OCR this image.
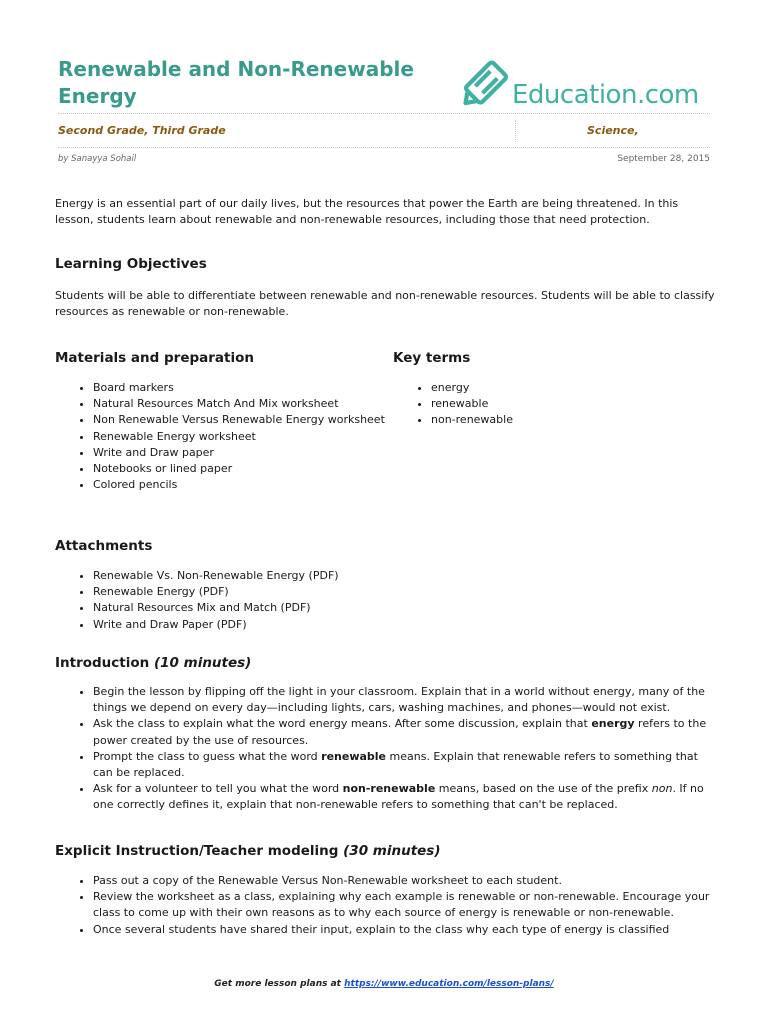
Renewable and Non-Renewable Energy	Education.com
Second Grade, Third Grade	Science,
by Sanayya Sohail	September 28, 2015

Energy is an essential part of our daily lives, but the resources that power the Earth are being threatened. In this lesson, students learn about renewable and non-renewable resources, including those that need protection.

Learning Objectives

Students will be able to differentiate between renewable and non-renewable resources. Students will be able to classify resources as renewable or non-renewable.

Materials and preparation
• Board markers
• Natural Resources Match And Mix worksheet
• Non Renewable Versus Renewable Energy worksheet
• Renewable Energy worksheet
• Write and Draw paper
• Notebooks or lined paper
• Colored pencils
Key terms
• energy
• renewable
• non-renewable
Attachments
• Renewable Vs. Non-Renewable Energy (PDF)
• Renewable Energy (PDF)
• Natural Resources Mix and Match (PDF)
• Write and Draw Paper (PDF)
Introduction (10 minutes)
• Begin the lesson by flipping off the light in your classroom. Explain that in a world without energy, many of the things we depend on every day—including lights, cars, washing machines, and phones—would not exist.
• Ask the class to explain what the word energy means. After some discussion, explain that energy refers to the power created by the use of resources.
• Prompt the class to guess what the word renewable means. Explain that renewable refers to something that can be replaced.
• Ask for a volunteer to tell you what the word non-renewable means, based on the use of the prefix non. If no one correctly defines it, explain that non-renewable refers to something that can't be replaced.
Explicit Instruction/Teacher modeling (30 minutes)
• Pass out a copy of the Renewable Versus Non-Renewable worksheet to each student.
• Review the worksheet as a class, explaining why each example is renewable or non-renewable. Encourage your class to come up with their own reasons as to why each source of energy is renewable or non-renewable.
• Once several students have shared their input, explain to the class why each type of energy is classified
Get more lesson plans at https://www.education.com/lesson-plans/
